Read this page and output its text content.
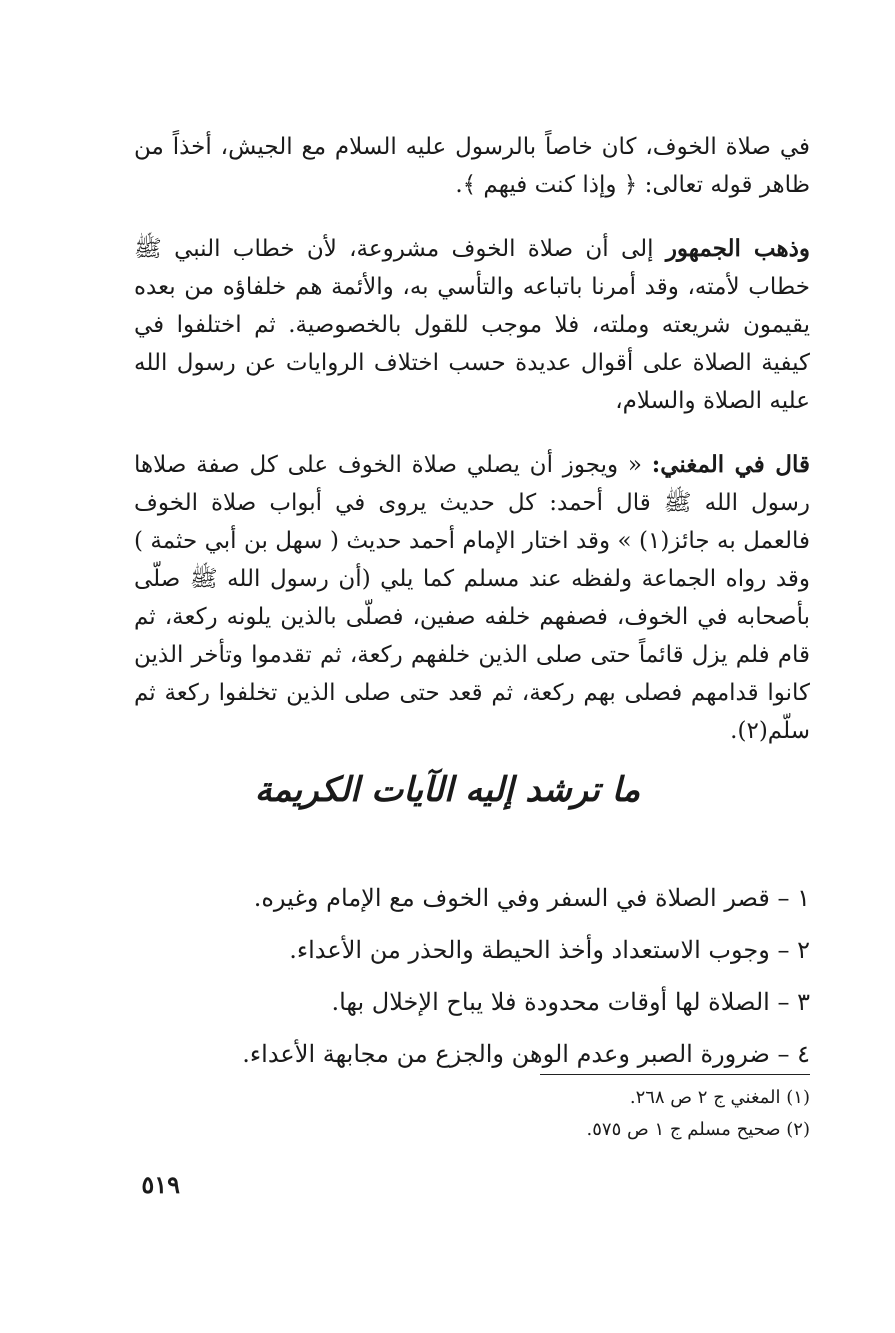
في صلاة الخوف، كان خاصاً بالرسول عليه السلام مع الجيش، أخذاً من ظاهر قوله تعالى: ﴿ وإذا كنت فيهم ﴾.

وذهب الجمهور إلى أن صلاة الخوف مشروعة، لأن خطاب النبي ﷺ خطاب لأمته، وقد أمرنا باتباعه والتأسي به، والأئمة هم خلفاؤه من بعده يقيمون شريعته وملته، فلا موجب للقول بالخصوصية. ثم اختلفوا في كيفية الصلاة على أقوال عديدة حسب اختلاف الروايات عن رسول الله عليه الصلاة والسلام،

قال في المغني: « ويجوز أن يصلي صلاة الخوف على كل صفة صلاها رسول الله ﷺ قال أحمد: كل حديث يروى في أبواب صلاة الخوف فالعمل به جائز(١) » وقد اختار الإمام أحمد حديث ( سهل بن أبي حثمة ) وقد رواه الجماعة ولفظه عند مسلم كما يلي (أن رسول الله ﷺ صلّى بأصحابه في الخوف، فصفهم خلفه صفين، فصلّى بالذين يلونه ركعة، ثم قام فلم يزل قائماً حتى صلى الذين خلفهم ركعة، ثم تقدموا وتأخر الذين كانوا قدامهم فصلى بهم ركعة، ثم قعد حتى صلى الذين تخلفوا ركعة ثم سلّم(٢).

ما ترشد إليه الآيات الكريمة
١ – قصر الصلاة في السفر وفي الخوف مع الإمام وغيره.
٢ – وجوب الاستعداد وأخذ الحيطة والحذر من الأعداء.
٣ – الصلاة لها أوقات محدودة فلا يباح الإخلال بها.
٤ – ضرورة الصبر وعدم الوهن والجزع من مجابهة الأعداء.
(١) المغني ج ٢ ص ٢٦٨.
(٢) صحيح مسلم ج ١ ص ٥٧٥.
٥١٩
